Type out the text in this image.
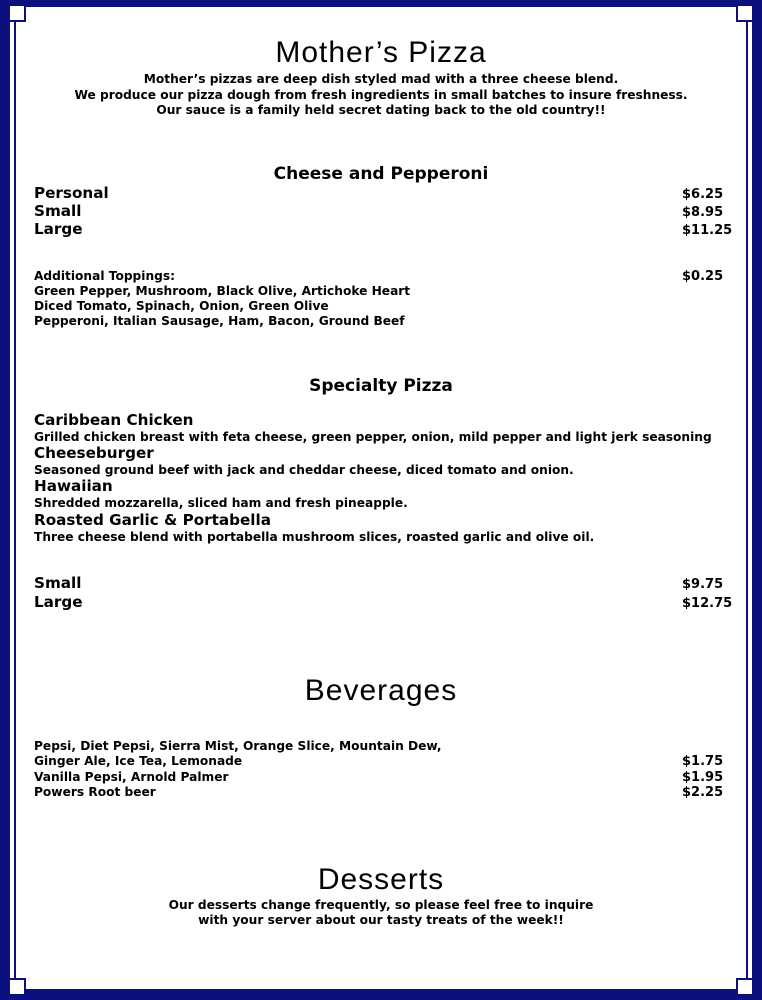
Mother’s Pizza
Mother’s pizzas are deep dish styled mad with a three cheese blend.
We produce our pizza dough from fresh ingredients in small batches to insure freshness.
Our sauce is a family held secret dating back to the old country!!
Cheese and Pepperoni
Personal	$6.25
Small	$8.95
Large	$11.25
Additional Toppings:	$0.25
Green Pepper, Mushroom, Black Olive, Artichoke Heart
Diced Tomato, Spinach, Onion, Green Olive
Pepperoni, Italian Sausage, Ham, Bacon, Ground Beef
Specialty Pizza
Caribbean Chicken
Grilled chicken breast with feta cheese, green pepper, onion, mild pepper and light jerk seasoning
Cheeseburger
Seasoned ground beef with jack and cheddar cheese, diced tomato and onion.
Hawaiian
Shredded mozzarella, sliced ham and fresh pineapple.
Roasted Garlic & Portabella
Three cheese blend with portabella mushroom slices, roasted garlic and olive oil.
Small	$9.75
Large	$12.75
Beverages
Pepsi, Diet Pepsi, Sierra Mist, Orange Slice, Mountain Dew,
Ginger Ale, Ice Tea, Lemonade	$1.75
Vanilla Pepsi, Arnold Palmer	$1.95
Powers Root beer	$2.25
Desserts
Our desserts change frequently, so please feel free to inquire
with your server about our tasty treats of the week!!
